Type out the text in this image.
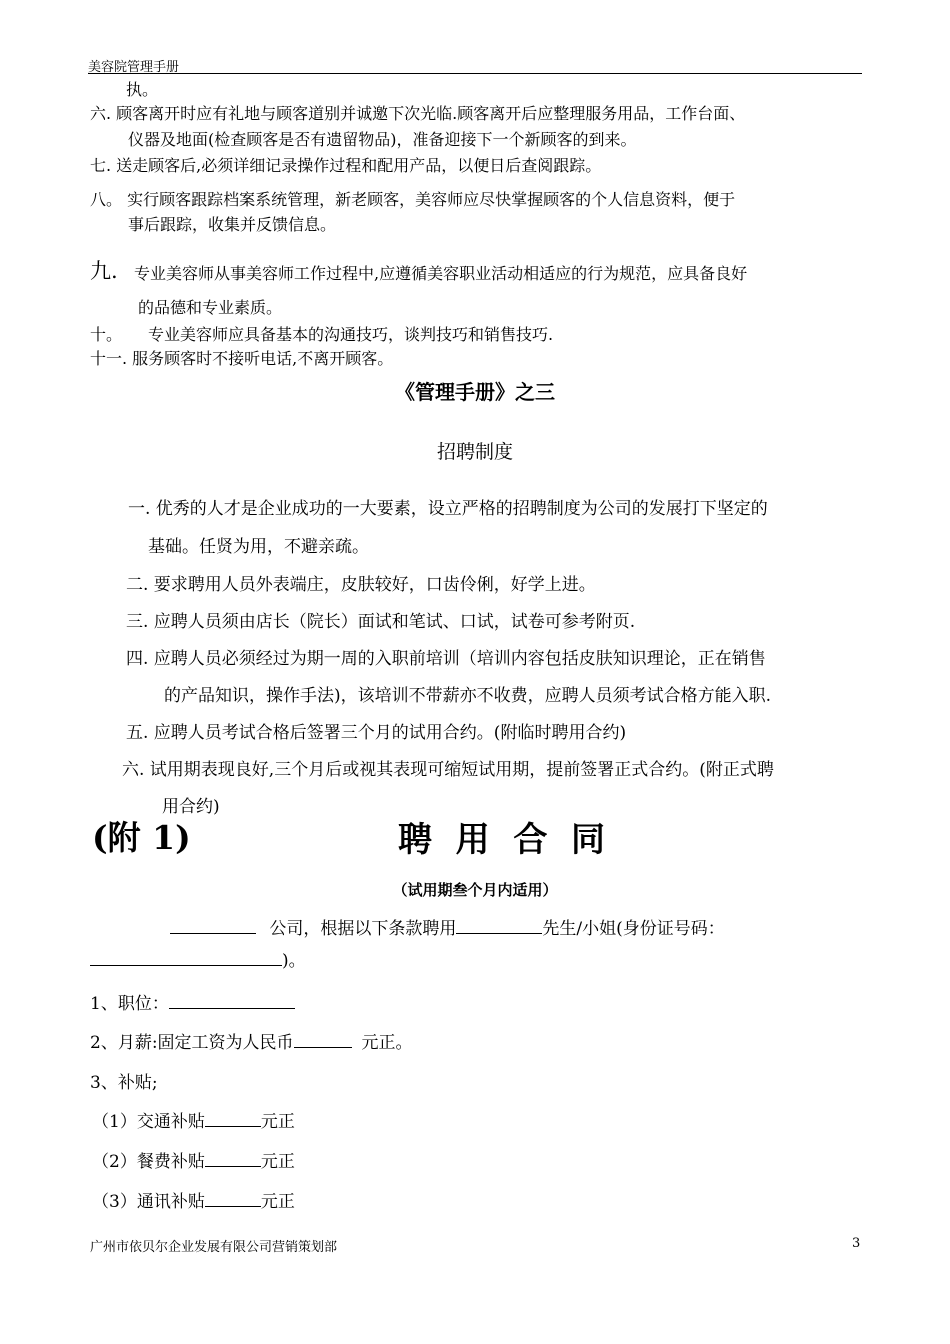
美容院管理手册
执。
六. 顾客离开时应有礼地与顾客道别并诚邀下次光临.顾客离开后应整理服务用品，工作台面、
仪器及地面(检查顾客是否有遗留物品)，准备迎接下一个新顾客的到来。
七. 送走顾客后,必须详细记录操作过程和配用产品，以便日后查阅跟踪。
八。 实行顾客跟踪档案系统管理，新老顾客，美容师应尽快掌握顾客的个人信息资料，便于
事后跟踪，收集并反馈信息。
九. 专业美容师从事美容师工作过程中,应遵循美容职业活动相适应的行为规范，应具备良好
的品德和专业素质。
十。 专业美容师应具备基本的沟通技巧，谈判技巧和销售技巧.
十一. 服务顾客时不接听电话,不离开顾客。
《管理手册》之三
招聘制度
一. 优秀的人才是企业成功的一大要素，设立严格的招聘制度为公司的发展打下坚定的
基础。任贤为用，不避亲疏。
二. 要求聘用人员外表端庄，皮肤较好，口齿伶俐，好学上进。
三. 应聘人员须由店长（院长）面试和笔试、口试，试卷可参考附页.
四. 应聘人员必须经过为期一周的入职前培训（培训内容包括皮肤知识理论，正在销售
的产品知识，操作手法)，该培训不带薪亦不收费，应聘人员须考试合格方能入职.
五. 应聘人员考试合格后签署三个月的试用合约。(附临时聘用合约)
六. 试用期表现良好,三个月后或视其表现可缩短试用期，提前签署正式合约。(附正式聘
用合约)
(附 1)	聘  用  合  同
（试用期叁个月内适用）
公司，根据以下条款聘用	先生/小姐(身份证号码：
)。
1、职位：
2、月薪:固定工资为人民币	元正。
3、补贴;
（1）交通补贴	元正
（2）餐费补贴	元正
（3）通讯补贴	元正
广州市依贝尔企业发展有限公司营销策划部	3
